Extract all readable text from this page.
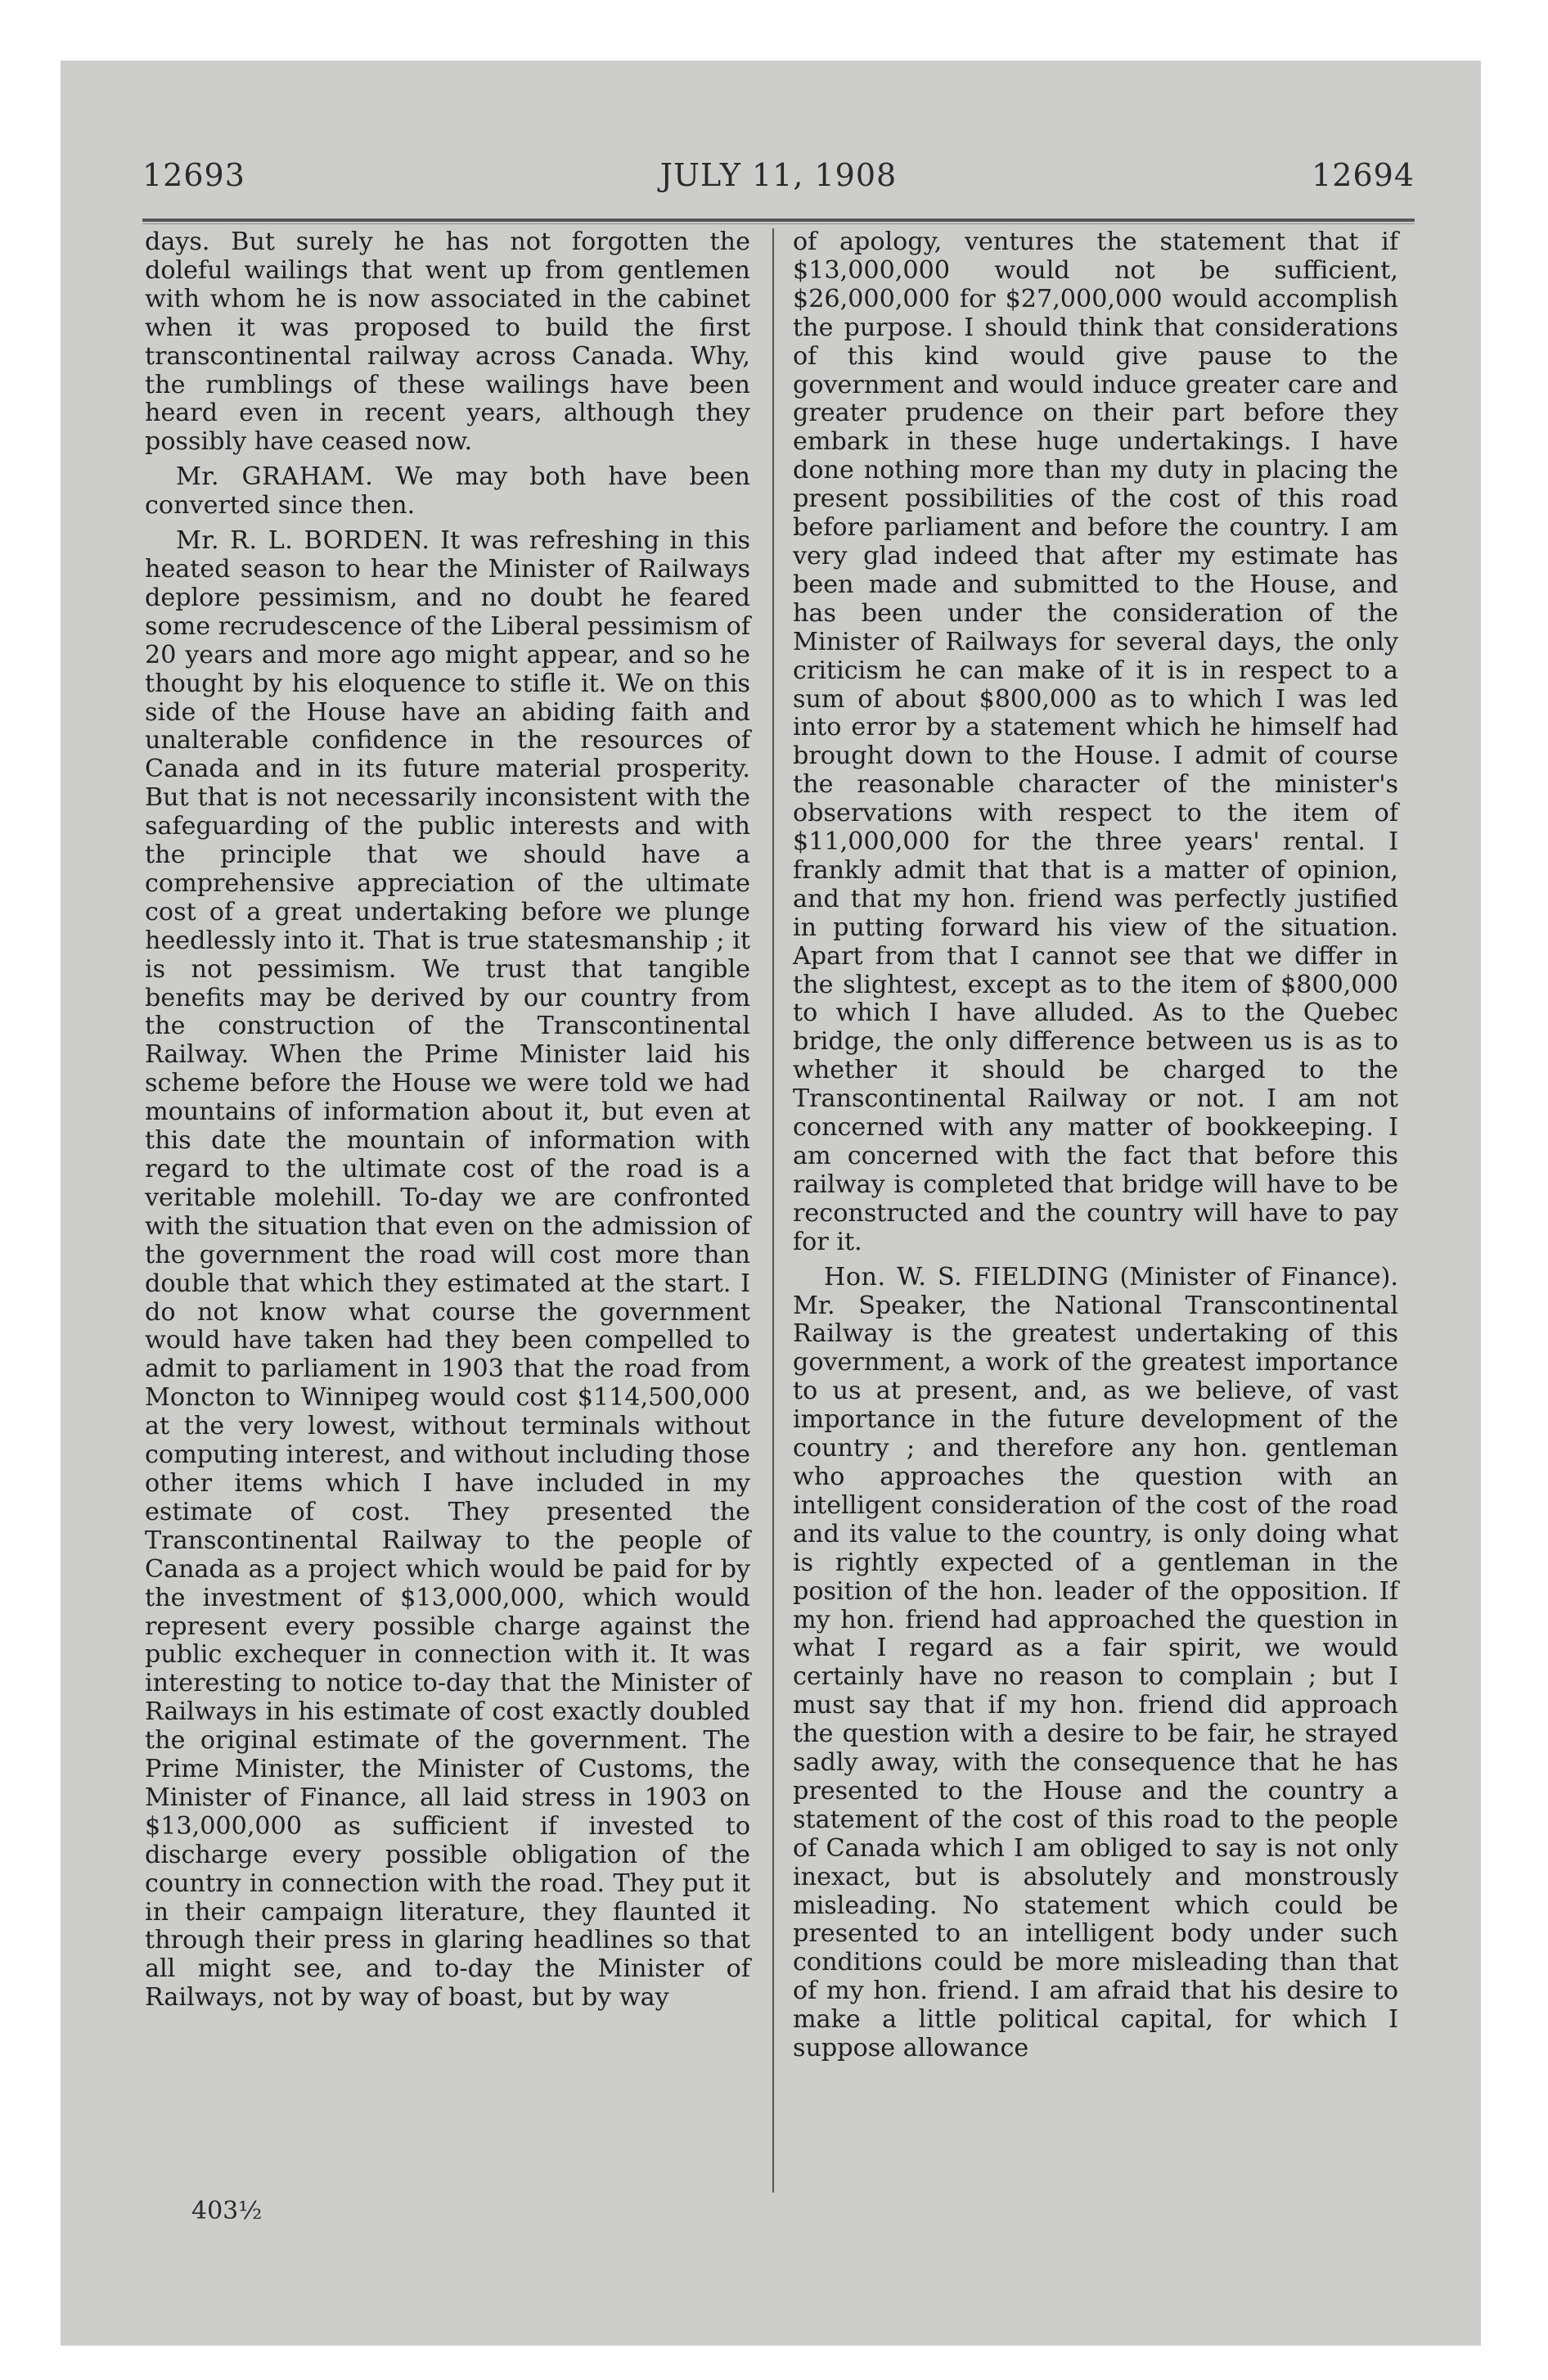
12693	JULY 11, 1908	12694

days. But surely he has not forgotten the doleful wailings that went up from gentlemen with whom he is now associated in the cabinet when it was proposed to build the first transcontinental railway across Canada. Why, the rumblings of these wailings have been heard even in recent years, although they possibly have ceased now.

Mr. GRAHAM. We may both have been converted since then.

Mr. R. L. BORDEN. It was refreshing in this heated season to hear the Minister of Railways deplore pessimism, and no doubt he feared some recrudescence of the Liberal pessimism of 20 years and more ago might appear, and so he thought by his eloquence to stifle it. We on this side of the House have an abiding faith and unalterable confidence in the resources of Canada and in its future material prosperity. But that is not necessarily inconsistent with the safeguarding of the public interests and with the principle that we should have a comprehensive appreciation of the ultimate cost of a great undertaking before we plunge heedlessly into it. That is true statesmanship ; it is not pessimism. We trust that tangible benefits may be derived by our country from the construction of the Transcontinental Railway. When the Prime Minister laid his scheme before the House we were told we had mountains of information about it, but even at this date the mountain of information with regard to the ultimate cost of the road is a veritable molehill. To-day we are confronted with the situation that even on the admission of the government the road will cost more than double that which they estimated at the start. I do not know what course the government would have taken had they been compelled to admit to parliament in 1903 that the road from Moncton to Winnipeg would cost $114,500,000 at the very lowest, without terminals without computing interest, and without including those other items which I have included in my estimate of cost. They presented the Transcontinental Railway to the people of Canada as a project which would be paid for by the investment of $13,000,000, which would represent every possible charge against the public exchequer in connection with it. It was interesting to notice to-day that the Minister of Railways in his estimate of cost exactly doubled the original estimate of the government. The Prime Minister, the Minister of Customs, the Minister of Finance, all laid stress in 1903 on $13,000,000 as sufficient if invested to discharge every possible obligation of the country in connection with the road. They put it in their campaign literature, they flaunted it through their press in glaring headlines so that all might see, and to-day the Minister of Railways, not by way of boast, but by way

of apology, ventures the statement that if $13,000,000 would not be sufficient, $26,000,000 for $27,000,000 would accomplish the purpose. I should think that considerations of this kind would give pause to the government and would induce greater care and greater prudence on their part before they embark in these huge undertakings. I have done nothing more than my duty in placing the present possibilities of the cost of this road before parliament and before the country. I am very glad indeed that after my estimate has been made and submitted to the House, and has been under the consideration of the Minister of Railways for several days, the only criticism he can make of it is in respect to a sum of about $800,000 as to which I was led into error by a statement which he himself had brought down to the House. I admit of course the reasonable character of the minister's observations with respect to the item of $11,000,000 for the three years' rental. I frankly admit that that is a matter of opinion, and that my hon. friend was perfectly justified in putting forward his view of the situation. Apart from that I cannot see that we differ in the slightest, except as to the item of $800,000 to which I have alluded. As to the Quebec bridge, the only difference between us is as to whether it should be charged to the Transcontinental Railway or not. I am not concerned with any matter of bookkeeping. I am concerned with the fact that before this railway is completed that bridge will have to be reconstructed and the country will have to pay for it.

Hon. W. S. FIELDING (Minister of Finance). Mr. Speaker, the National Transcontinental Railway is the greatest undertaking of this government, a work of the greatest importance to us at present, and, as we believe, of vast importance in the future development of the country ; and therefore any hon. gentleman who approaches the question with an intelligent consideration of the cost of the road and its value to the country, is only doing what is rightly expected of a gentleman in the position of the hon. leader of the opposition. If my hon. friend had approached the question in what I regard as a fair spirit, we would certainly have no reason to complain ; but I must say that if my hon. friend did approach the question with a desire to be fair, he strayed sadly away, with the consequence that he has presented to the House and the country a statement of the cost of this road to the people of Canada which I am obliged to say is not only inexact, but is absolutely and monstrously misleading. No statement which could be presented to an intelligent body under such conditions could be more misleading than that of my hon. friend. I am afraid that his desire to make a little political capital, for which I suppose allowance

403½
